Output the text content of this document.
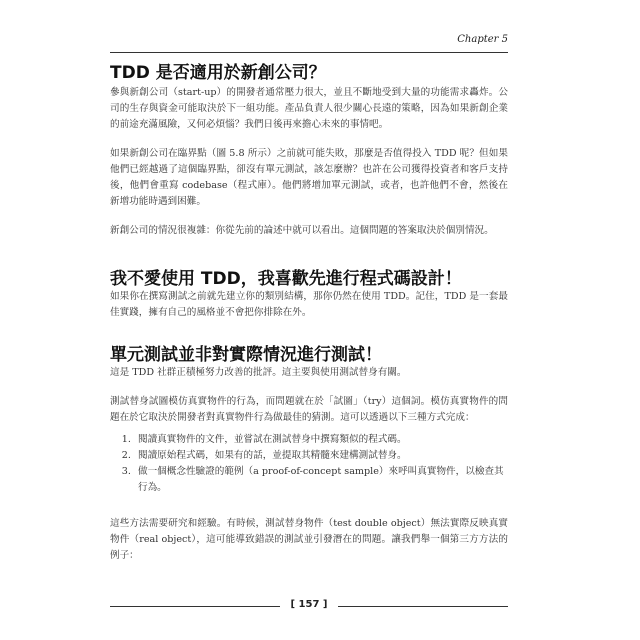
Chapter 5
TDD 是否適用於新創公司？

參與新創公司（start-up）的開發者通常壓力很大，並且不斷地受到大量的功能需求轟炸。公司的生存與資金可能取決於下一組功能。產品負責人很少關心長遠的策略，因為如果新創企業的前途充滿風險，又何必煩惱？我們日後再來擔心未來的事情吧。

如果新創公司在臨界點（圖 5.8 所示）之前就可能失敗，那麼是否值得投入 TDD 呢？但如果他們已經越過了這個臨界點，卻沒有單元測試，該怎麼辦？也許在公司獲得投資者和客戶支持後，他們會重寫 codebase（程式庫）。他們將增加單元測試，或者，也許他們不會，然後在新增功能時遇到困難。

新創公司的情況很複雜：你從先前的論述中就可以看出。這個問題的答案取決於個別情況。

我不愛使用 TDD，我喜歡先進行程式碼設計！

如果你在撰寫測試之前就先建立你的類別結構，那你仍然在使用 TDD。記住，TDD 是一套最佳實踐，擁有自己的風格並不會把你排除在外。

單元測試並非對實際情況進行測試！

這是 TDD 社群正積極努力改善的批評。這主要與使用測試替身有關。

測試替身試圖模仿真實物件的行為，而問題就在於「試圖」（try）這個詞。模仿真實物件的問題在於它取決於開發者對真實物件行為做最佳的猜測。這可以透過以下三種方式完成：

1. 閱讀真實物件的文件，並嘗試在測試替身中撰寫類似的程式碼。
2. 閱讀原始程式碼，如果有的話，並提取其精髓來建構測試替身。
3. 做一個概念性驗證的範例（a proof-of-concept sample）來呼叫真實物件，以檢查其行為。

這些方法需要研究和經驗。有時候，測試替身物件（test double object）無法實際反映真實物件（real object），這可能導致錯誤的測試並引發潛在的問題。讓我們舉一個第三方方法的例子：

[ 157 ]
